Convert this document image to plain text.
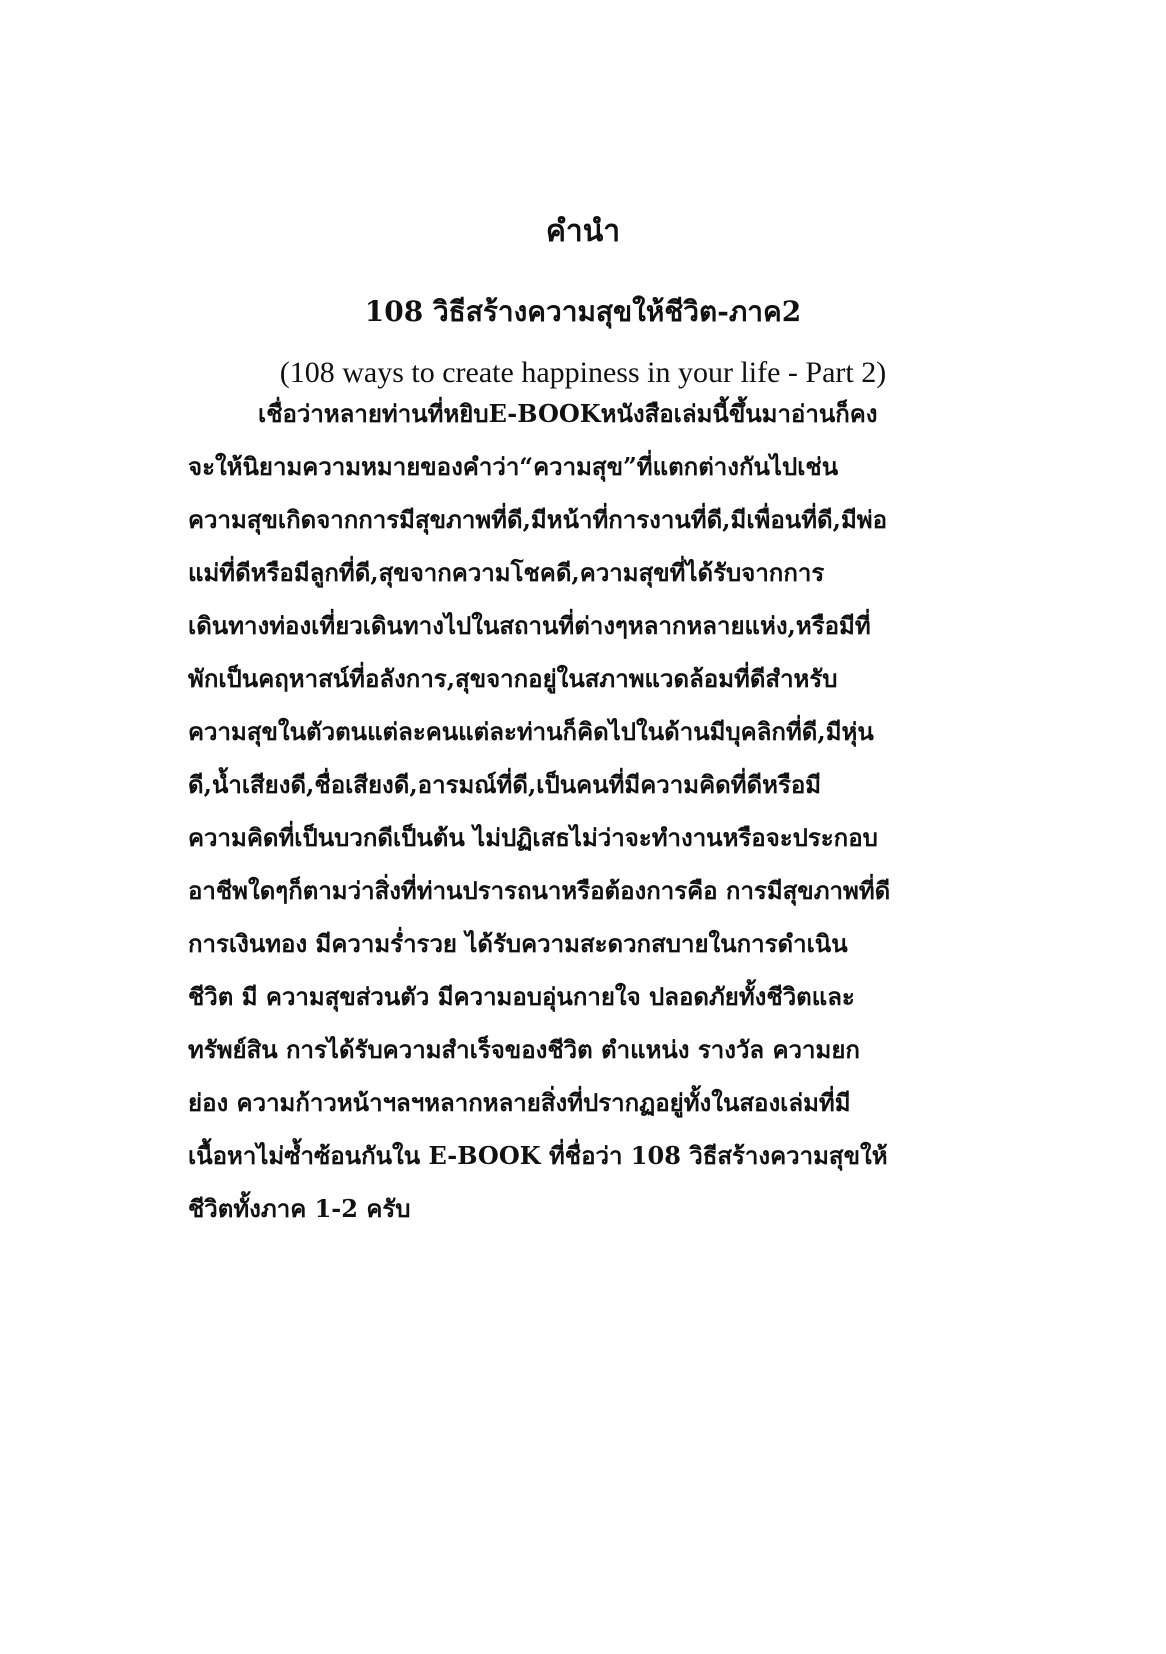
คำนำ
108 วิธีสร้างความสุขให้ชีวิต-ภาค2
(108 ways to create happiness in your life - Part 2)
เชื่อว่าหลายท่านที่หยิบE-BOOKหนังสือเล่มนี้ขึ้นมาอ่านก็คง
จะให้นิยามความหมายของคำว่า“ความสุข”ที่แตกต่างกันไปเช่น
ความสุขเกิดจากการมีสุขภาพที่ดี,มีหน้าที่การงานที่ดี,มีเพื่อนที่ดี,มีพ่อ
แม่ที่ดีหรือมีลูกที่ดี,สุขจากความโชคดี,ความสุขที่ได้รับจากการ
เดินทางท่องเที่ยวเดินทางไปในสถานที่ต่างๆหลากหลายแห่ง,หรือมีที่
พักเป็นคฤหาสน์ที่อลังการ,สุขจากอยู่ในสภาพแวดล้อมที่ดีสำหรับ
ความสุขในตัวตนแต่ละคนแต่ละท่านก็คิดไปในด้านมีบุคลิกที่ดี,มีหุ่น
ดี,น้ำเสียงดี,ชื่อเสียงดี,อารมณ์ที่ดี,เป็นคนที่มีความคิดที่ดีหรือมี
ความคิดที่เป็นบวกดีเป็นต้น ไม่ปฏิเสธไม่ว่าจะทำงานหรือจะประกอบ
อาชีพใดๆก็ตามว่าสิ่งที่ท่านปรารถนาหรือต้องการคือ การมีสุขภาพที่ดี
การเงินทอง มีความร่ำรวย ได้รับความสะดวกสบายในการดำเนิน
ชีวิต มี ความสุขส่วนตัว มีความอบอุ่นกายใจ ปลอดภัยทั้งชีวิตและ
ทรัพย์สิน การได้รับความสำเร็จของชีวิต ตำแหน่ง รางวัล ความยก
ย่อง ความก้าวหน้าฯลฯหลากหลายสิ่งที่ปรากฏอยู่ทั้งในสองเล่มที่มี
เนื้อหาไม่ซ้ำซ้อนกันใน E-BOOK ที่ชื่อว่า 108 วิธีสร้างความสุขให้
ชีวิตทั้งภาค 1-2 ครับ
